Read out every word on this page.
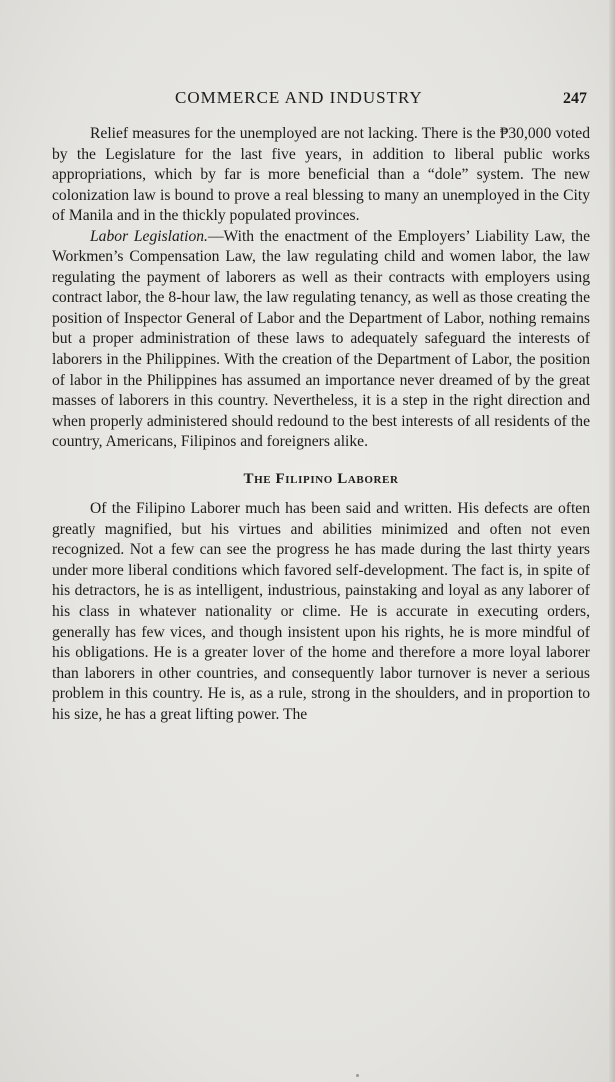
COMMERCE AND INDUSTRY	247

Relief measures for the unemployed are not lacking. There is the ₱30,000 voted by the Legislature for the last five years, in addition to liberal public works appropriations, which by far is more beneficial than a “dole” system. The new colonization law is bound to prove a real blessing to many an unemployed in the City of Manila and in the thickly populated provinces.

Labor Legislation.—With the enactment of the Employers’ Liability Law, the Workmen’s Compensation Law, the law regulating child and women labor, the law regulating the payment of laborers as well as their contracts with employers using contract labor, the 8-hour law, the law regulating tenancy, as well as those creating the position of Inspector General of Labor and the Department of Labor, nothing remains but a proper administration of these laws to adequately safeguard the interests of laborers in the Philippines. With the creation of the Department of Labor, the position of labor in the Philippines has assumed an importance never dreamed of by the great masses of laborers in this country. Nevertheless, it is a step in the right direction and when properly administered should redound to the best interests of all residents of the country, Americans, Filipinos and foreigners alike.

The Filipino Laborer

Of the Filipino Laborer much has been said and written. His defects are often greatly magnified, but his virtues and abilities minimized and often not even recognized. Not a few can see the progress he has made during the last thirty years under more liberal conditions which favored self-development. The fact is, in spite of his detractors, he is as intelligent, industrious, painstaking and loyal as any laborer of his class in whatever nationality or clime. He is accurate in executing orders, generally has few vices, and though insistent upon his rights, he is more mindful of his obligations. He is a greater lover of the home and therefore a more loyal laborer than laborers in other countries, and consequently labor turnover is never a serious problem in this country. He is, as a rule, strong in the shoulders, and in proportion to his size, he has a great lifting power. The
